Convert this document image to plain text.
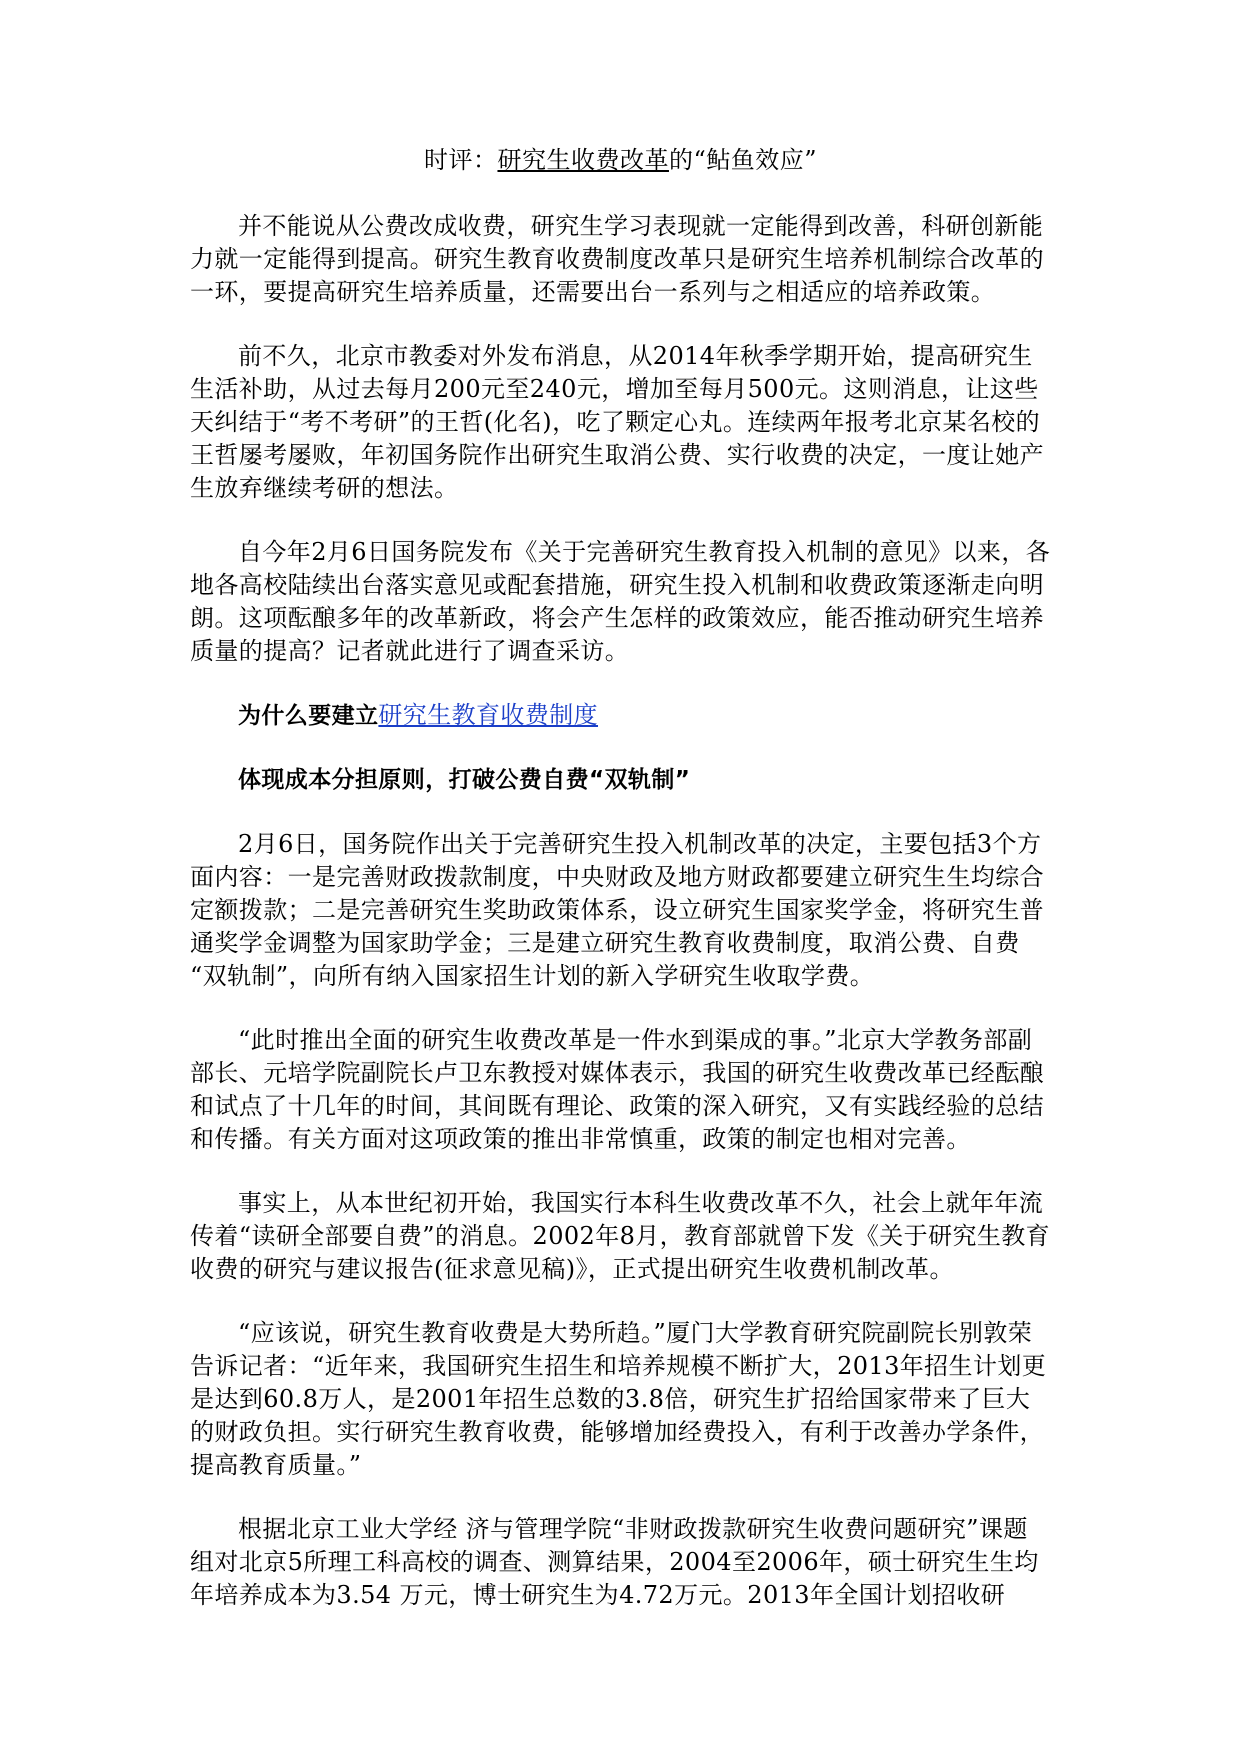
时评：研究生收费改革的“鲇鱼效应”

并不能说从公费改成收费，研究生学习表现就一定能得到改善，科研创新能力就一定能得到提高。研究生教育收费制度改革只是研究生培养机制综合改革的一环，要提高研究生培养质量，还需要出台一系列与之相适应的培养政策。

前不久，北京市教委对外发布消息，从2014年秋季学期开始，提高研究生生活补助，从过去每月200元至240元，增加至每月500元。这则消息，让这些天纠结于“考不考研”的王哲(化名)，吃了颗定心丸。连续两年报考北京某名校的王哲屡考屡败，年初国务院作出研究生取消公费、实行收费的决定，一度让她产生放弃继续考研的想法。

自今年2月6日国务院发布《关于完善研究生教育投入机制的意见》以来，各地各高校陆续出台落实意见或配套措施，研究生投入机制和收费政策逐渐走向明朗。这项酝酿多年的改革新政，将会产生怎样的政策效应，能否推动研究生培养质量的提高？记者就此进行了调查采访。

为什么要建立研究生教育收费制度

体现成本分担原则，打破公费自费“双轨制”

2月6日，国务院作出关于完善研究生投入机制改革的决定，主要包括3个方面内容：一是完善财政拨款制度，中央财政及地方财政都要建立研究生生均综合定额拨款；二是完善研究生奖助政策体系，设立研究生国家奖学金，将研究生普通奖学金调整为国家助学金；三是建立研究生教育收费制度，取消公费、自费 “双轨制”，向所有纳入国家招生计划的新入学研究生收取学费。

“此时推出全面的研究生收费改革是一件水到渠成的事。”北京大学教务部副部长、元培学院副院长卢卫东教授对媒体表示，我国的研究生收费改革已经酝酿和试点了十几年的时间，其间既有理论、政策的深入研究，又有实践经验的总结和传播。有关方面对这项政策的推出非常慎重，政策的制定也相对完善。

事实上，从本世纪初开始，我国实行本科生收费改革不久，社会上就年年流传着“读研全部要自费”的消息。2002年8月，教育部就曾下发《关于研究生教育收费的研究与建议报告(征求意见稿)》，正式提出研究生收费机制改革。

“应该说，研究生教育收费是大势所趋。”厦门大学教育研究院副院长别敦荣告诉记者：“近年来，我国研究生招生和培养规模不断扩大，2013年招生计划更是达到60.8万人，是2001年招生总数的3.8倍，研究生扩招给国家带来了巨大的财政负担。实行研究生教育收费，能够增加经费投入，有利于改善办学条件，提高教育质量。”

根据北京工业大学经 济与管理学院“非财政拨款研究生收费问题研究”课题组对北京5所理工科高校的调查、测算结果，2004至2006年，硕士研究生生均年培养成本为3.54 万元，博士研究生为4.72万元。2013年全国计划招收研
